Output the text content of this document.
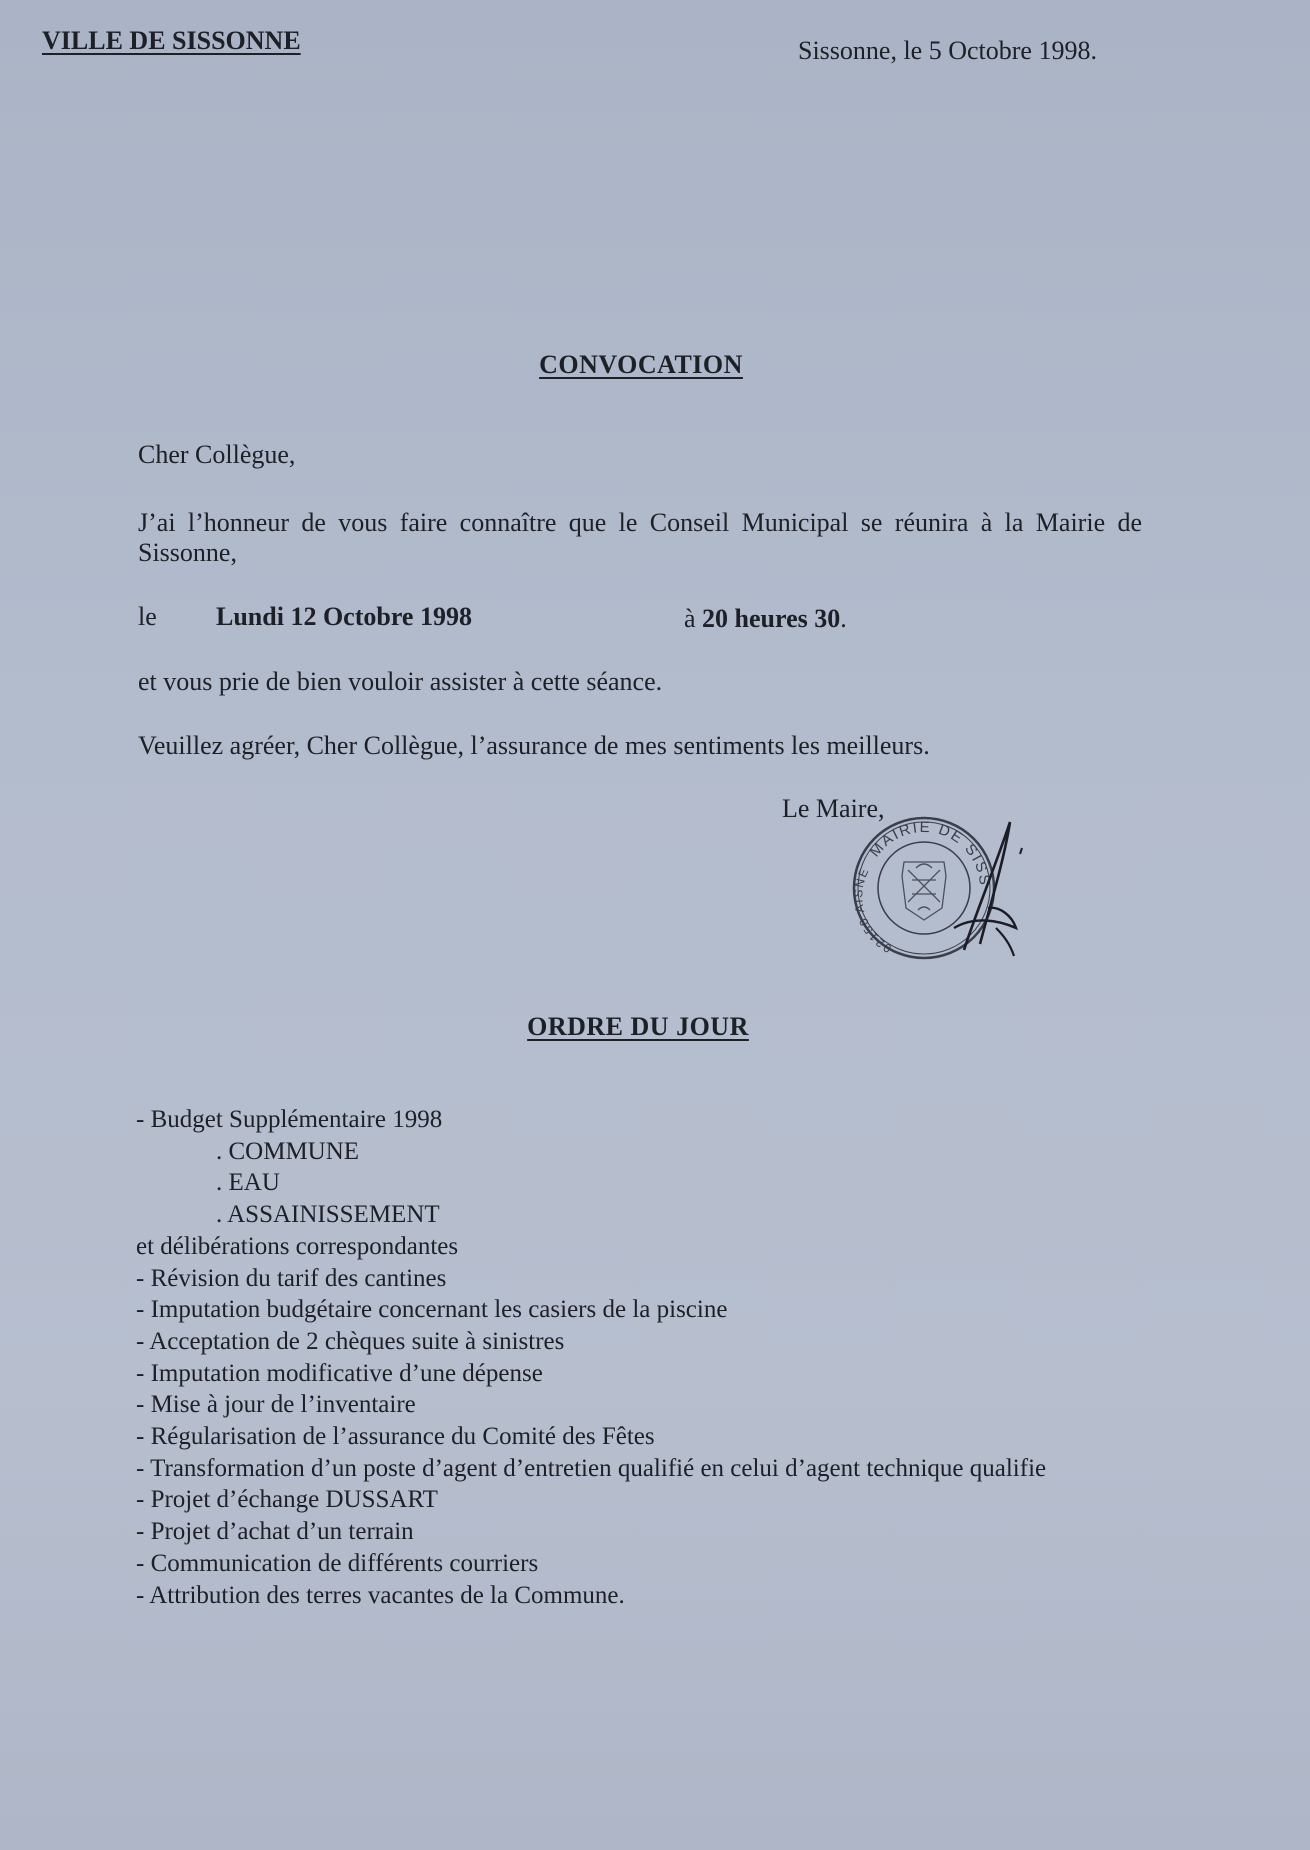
VILLE DE SISSONNE	Sissonne, le 5 Octobre 1998.
CONVOCATION
Cher Collègue,
J’ai l’honneur de vous faire connaître que le Conseil Municipal se réunira à la Mairie de Sissonne,
le Lundi 12 Octobre 1998	à 20 heures 30.
et vous prie de bien vouloir assister à cette séance.
Veuillez agréer, Cher Collègue, l’assurance de mes sentiments les meilleurs.
Le Maire,
MAIRIE DE SISS
02150 AISNE
ORDRE DU JOUR
- Budget Supplémentaire 1998
. COMMUNE
. EAU
. ASSAINISSEMENT
et délibérations correspondantes
- Révision du tarif des cantines
- Imputation budgétaire concernant les casiers de la piscine
- Acceptation de 2 chèques suite à sinistres
- Imputation modificative d’une dépense
- Mise à jour de l’inventaire
- Régularisation de l’assurance du Comité des Fêtes
- Transformation d’un poste d’agent d’entretien qualifié en celui d’agent technique qualifie
- Projet d’échange DUSSART
- Projet d’achat d’un terrain
- Communication de différents courriers
- Attribution des terres vacantes de la Commune.
